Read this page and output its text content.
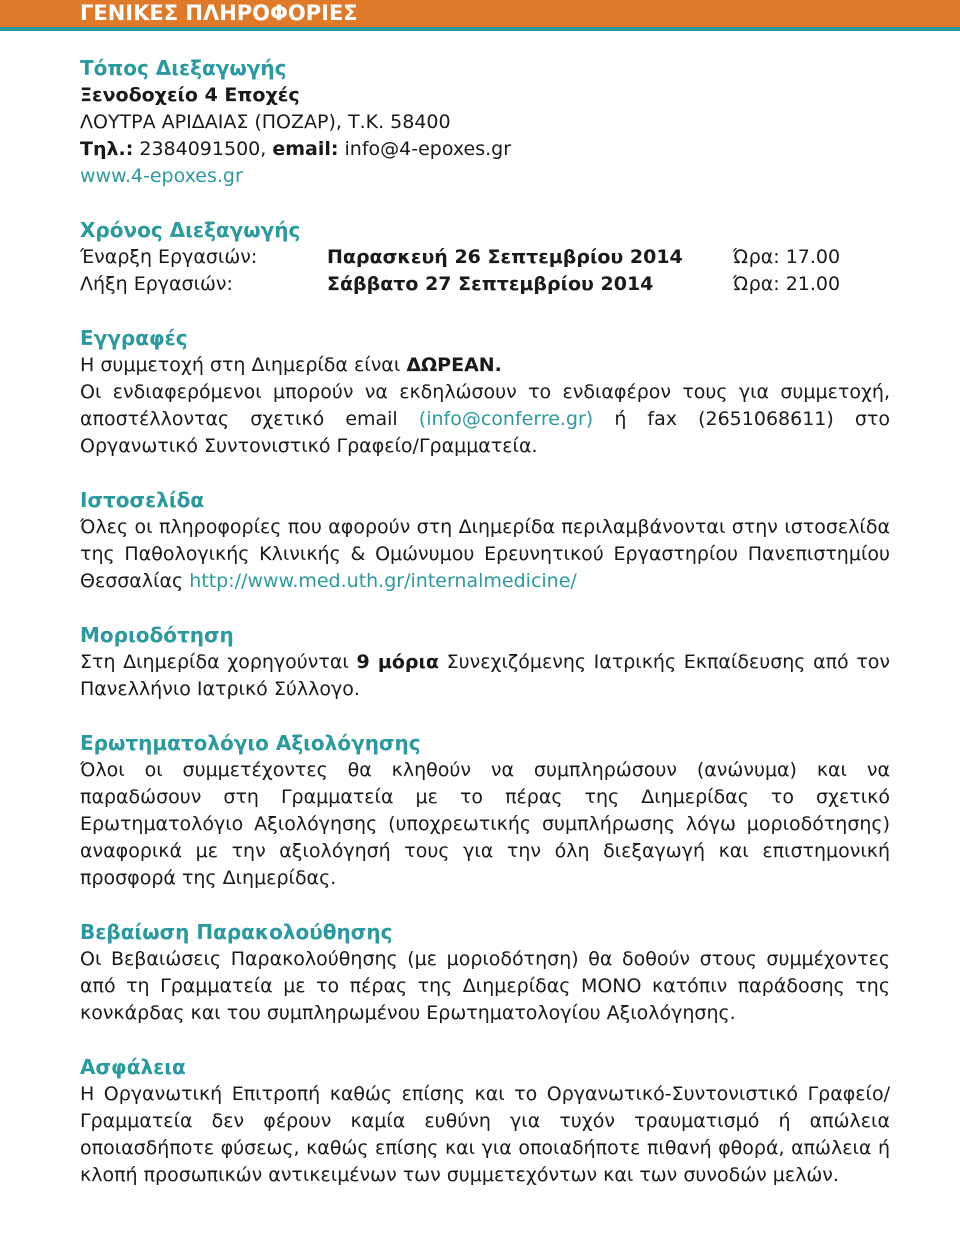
ΓΕΝΙΚΕΣ ΠΛΗΡΟΦΟΡΙΕΣ

Τόπος Διεξαγωγής

Ξενοδοχείο 4 Εποχές

ΛΟΥΤΡΑ ΑΡΙΔΑΙΑΣ (ΠΟΖΑΡ), Τ.Κ. 58400

Τηλ.: 2384091500, email: info@4-epoxes.gr

www.4-epoxes.gr

Χρόνος Διεξαγωγής

Έναρξη Εργασιών:	Παρασκευή 26 Σεπτεμβρίου 2014	Ώρα: 17.00
Λήξη Εργασιών:	Σάββατο 27 Σεπτεμβρίου 2014	Ώρα: 21.00

Εγγραφές

Η συμμετοχή στη Διημερίδα είναι ΔΩΡΕΑΝ.

Οι ενδιαφερόμενοι μπορούν να εκδηλώσουν το ενδιαφέρον τους για συμμετοχή, αποστέλλοντας σχετικό email (info@conferre.gr) ή fax (2651068611) στο Οργανωτικό Συντονιστικό Γραφείο/Γραμματεία.

Ιστοσελίδα

Όλες οι πληροφορίες που αφορούν στη Διημερίδα περιλαμβάνονται στην ιστοσελίδα της Παθολογικής Κλινικής & Ομώνυμου Ερευνητικού Εργαστηρίου Πανεπιστημίου Θεσσαλίας http://www.med.uth.gr/internalmedicine/

Μοριοδότηση

Στη Διημερίδα χορηγούνται 9 μόρια Συνεχιζόμενης Ιατρικής Εκπαίδευσης από τον Πανελλήνιο Ιατρικό Σύλλογο.

Ερωτηματολόγιο Αξιολόγησης

Όλοι οι συμμετέχοντες θα κληθούν να συμπληρώσουν (ανώνυμα) και να παραδώσουν στη Γραμματεία με το πέρας της Διημερίδας το σχετικό Ερωτηματολόγιο Αξιολόγησης (υποχρεωτικής συμπλήρωσης λόγω μοριοδότησης) αναφορικά με την αξιολόγησή τους για την όλη διεξαγωγή και επιστημονική προσφορά της Διημερίδας.

Βεβαίωση Παρακολούθησης

Οι Βεβαιώσεις Παρακολούθησης (με μοριοδότηση) θα δοθούν στους συμμέχοντες από τη Γραμματεία με το πέρας της Διημερίδας ΜΟΝΟ κατόπιν παράδοσης της κονκάρδας και του συμπληρωμένου Ερωτηματολογίου Αξιολόγησης.

Ασφάλεια

Η Οργανωτική Επιτροπή καθώς επίσης και το Οργανωτικό-Συντονιστικό Γραφείο/Γραμματεία δεν φέρουν καμία ευθύνη για τυχόν τραυματισμό ή απώλεια οποιασδήποτε φύσεως, καθώς επίσης και για οποιαδήποτε πιθανή φθορά, απώλεια ή κλοπή προσωπικών αντικειμένων των συμμετεχόντων και των συνοδών μελών.
